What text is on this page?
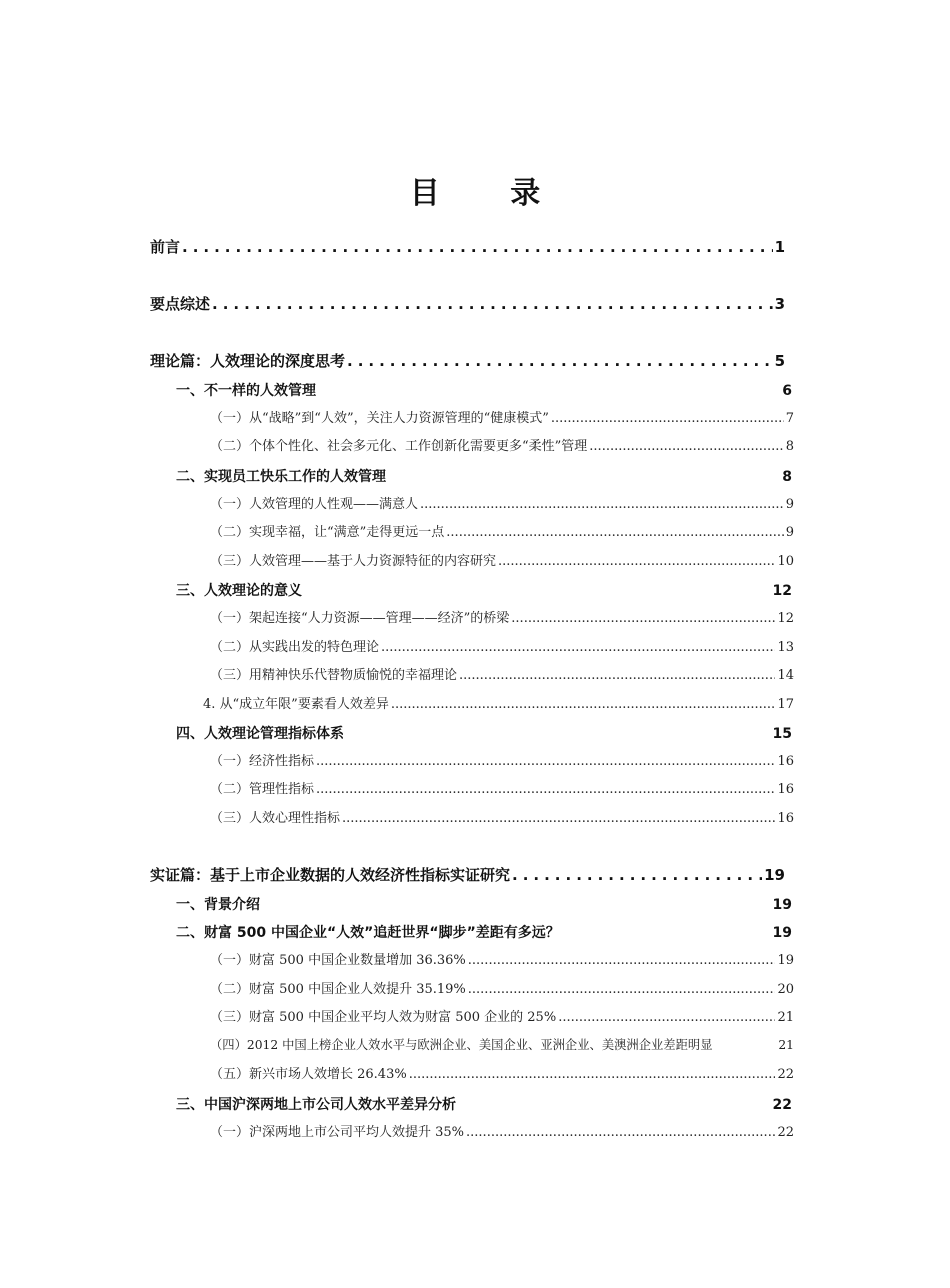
目 录
前言 .....	1
要点综述 .....	3
理论篇：人效理论的深度思考 .....	5
一、不一样的人效管理	6
（一）从“战略”到“人效”，关注人力资源管理的“健康模式” .....	7
（二）个体个性化、社会多元化、工作创新化需要更多“柔性”管理 .....	8
二、实现员工快乐工作的人效管理	8
（一）人效管理的人性观——满意人 .....	9
（二）实现幸福，让“满意”走得更远一点 .....	9
（三）人效管理——基于人力资源特征的内容研究 .....	10
三、人效理论的意义	12
（一）架起连接“人力资源——管理——经济”的桥梁 .....	12
（二）从实践出发的特色理论 .....	13
（三）用精神快乐代替物质愉悦的幸福理论 .....	14
4. 从“成立年限”要素看人效差异 .....	17
四、人效理论管理指标体系	15
（一）经济性指标 .....	16
（二）管理性指标 .....	16
（三）人效心理性指标 .....	16
实证篇：基于上市企业数据的人效经济性指标实证研究 .....	19
一、背景介绍	19
二、财富 500 中国企业“人效”追赶世界“脚步”差距有多远？	19
（一）财富 500 中国企业数量增加 36.36% .....	19
（二）财富 500 中国企业人效提升 35.19% .....	20
（三）财富 500 中国企业平均人效为财富 500 企业的 25% .....	21
（四）2012 中国上榜企业人效水平与欧洲企业、美国企业、亚洲企业、美澳洲企业差距明显	21
（五）新兴市场人效增长 26.43% .....	22
三、中国沪深两地上市公司人效水平差异分析	22
（一）沪深两地上市公司平均人效提升 35% .....	22
